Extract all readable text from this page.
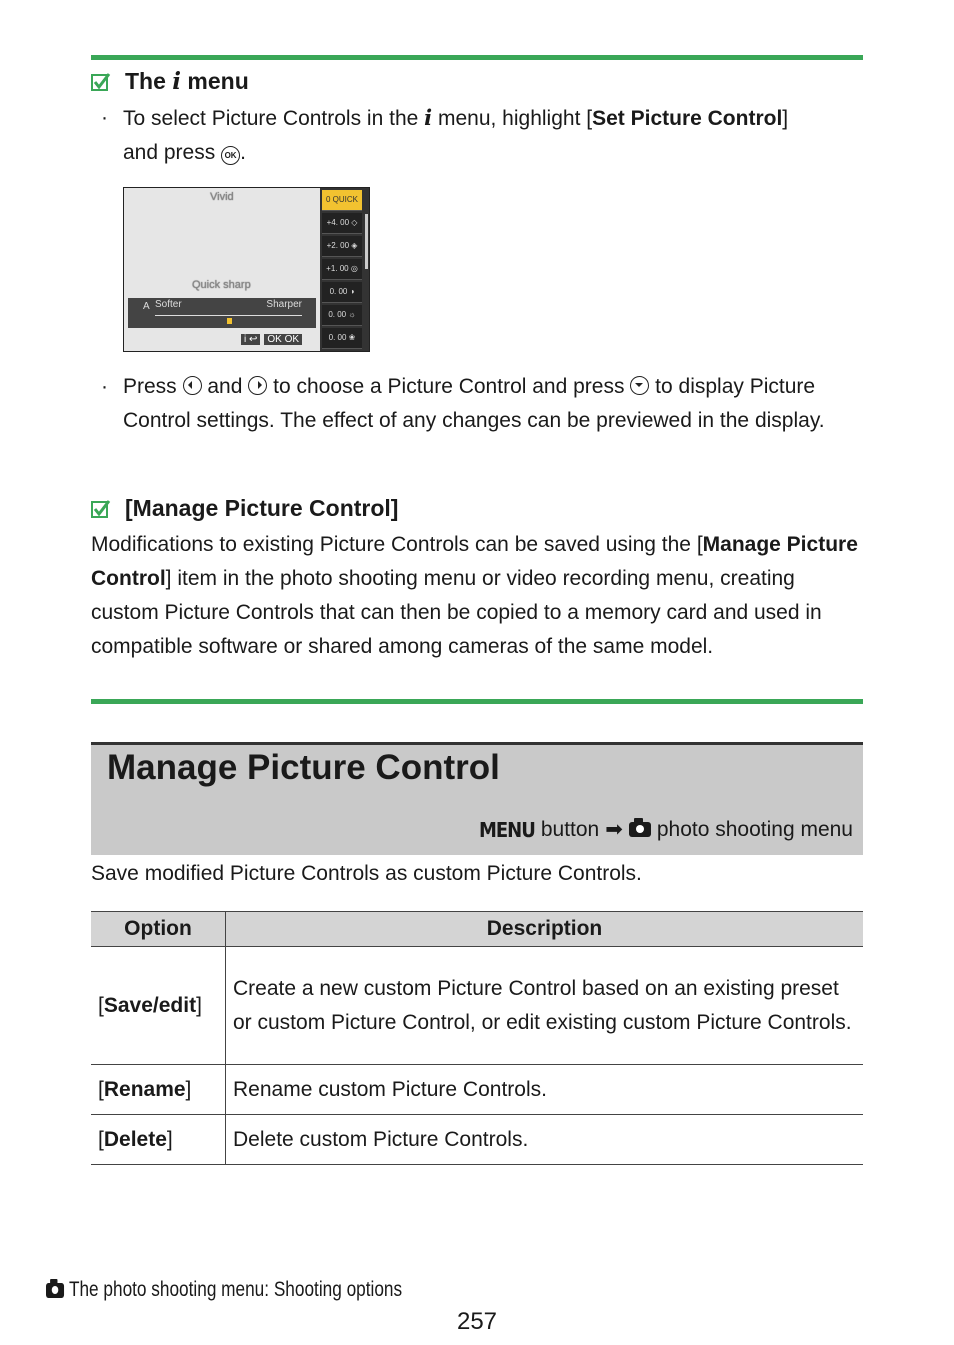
The i menu
· To select Picture Controls in the i menu, highlight [Set Picture Control]
and press OK .
Vivid
Quick sharp
A Softer	Sharper
i ↩	OK OK
0 QUICK
+4. 00 ◇
+2. 00 ◈
+1. 00 ◎
0. 00 ◑
0. 00 ☼
0. 00 ❀
· Press and to choose a Picture Control and press to display Picture Control settings. The effect of any changes can be previewed in the display.
[Manage Picture Control]
Modifications to existing Picture Controls can be saved using the [Manage Picture Control] item in the photo shooting menu or video recording menu, creating custom Picture Controls that can then be copied to a memory card and used in compatible software or shared among cameras of the same model.
Manage Picture Control
MENU button ➡ photo shooting menu
Save modified Picture Controls as custom Picture Controls.
Option	Description
[Save/edit]	Create a new custom Picture Control based on an existing preset or custom Picture Control, or edit existing custom Picture Controls.
[Rename]	Rename custom Picture Controls.
[Delete]	Delete custom Picture Controls.
The photo shooting menu: Shooting options
257
